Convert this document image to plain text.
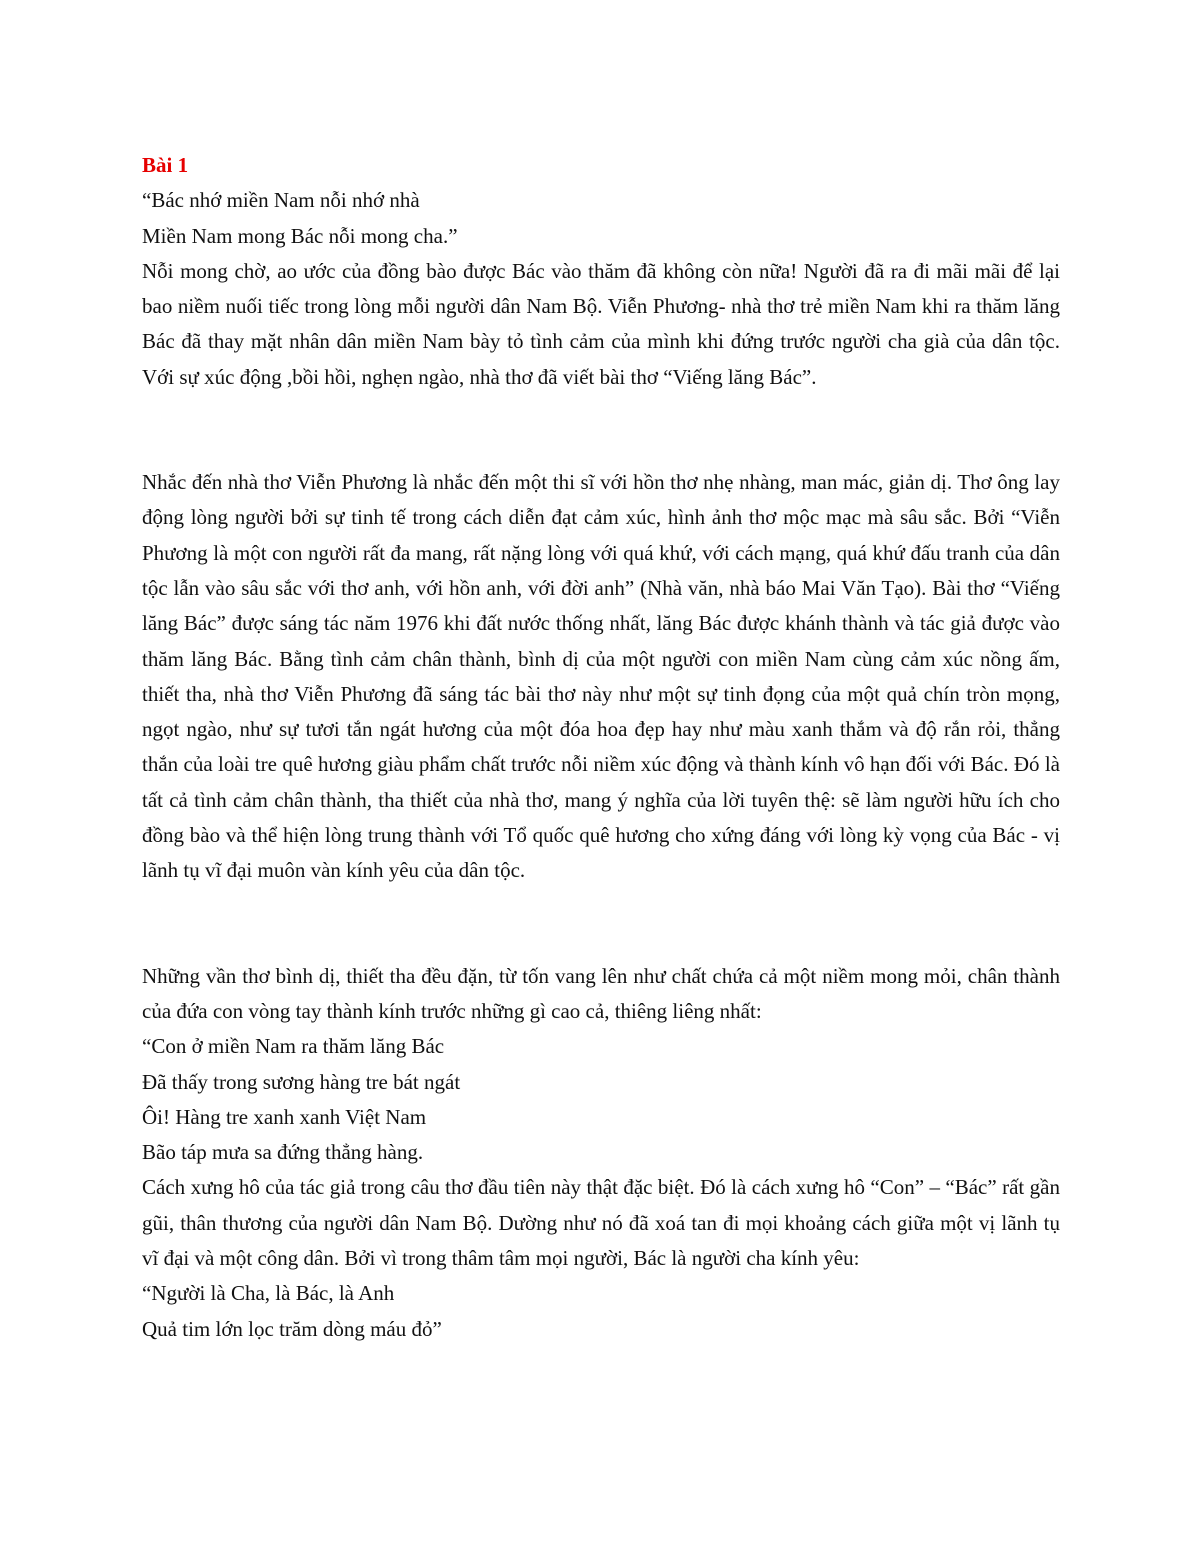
Bài 1

“Bác nhớ miền Nam nỗi nhớ nhà

Miền Nam mong Bác nỗi mong cha.”

Nỗi mong chờ, ao ước của đồng bào được Bác vào thăm đã không còn nữa! Người đã ra đi mãi mãi để lại bao niềm nuối tiếc trong lòng mỗi người dân Nam Bộ. Viễn Phương- nhà thơ trẻ miền Nam khi ra thăm lăng Bác đã thay mặt nhân dân miền Nam bày tỏ tình cảm của mình khi đứng trước người cha già của dân tộc. Với sự xúc động ,bồi hồi, nghẹn ngào, nhà thơ đã viết bài thơ “Viếng lăng Bác”.

Nhắc đến nhà thơ Viễn Phương là nhắc đến một thi sĩ với hồn thơ nhẹ nhàng, man mác, giản dị. Thơ ông lay động lòng người bởi sự tinh tế trong cách diễn đạt cảm xúc, hình ảnh thơ mộc mạc mà sâu sắc. Bởi “Viễn Phương là một con người rất đa mang, rất nặng lòng với quá khứ, với cách mạng, quá khứ đấu tranh của dân tộc lẫn vào sâu sắc với thơ anh, với hồn anh, với đời anh” (Nhà văn, nhà báo Mai Văn Tạo). Bài thơ “Viếng lăng Bác” được sáng tác năm 1976 khi đất nước thống nhất, lăng Bác được khánh thành và tác giả được vào thăm lăng Bác. Bằng tình cảm chân thành, bình dị của một người con miền Nam cùng cảm xúc nồng ấm, thiết tha, nhà thơ Viễn Phương đã sáng tác bài thơ này như một sự tinh đọng của một quả chín tròn mọng, ngọt ngào, như sự tươi tắn ngát hương của một đóa hoa đẹp hay như màu xanh thắm và độ rắn rỏi, thẳng thắn của loài tre quê hương giàu phẩm chất trước nỗi niềm xúc động và thành kính vô hạn đối với Bác. Đó là tất cả tình cảm chân thành, tha thiết của nhà thơ, mang ý nghĩa của lời tuyên thệ: sẽ làm người hữu ích cho đồng bào và thể hiện lòng trung thành với Tổ quốc quê hương cho xứng đáng với lòng kỳ vọng của Bác - vị lãnh tụ vĩ đại muôn vàn kính yêu của dân tộc.

Những vần thơ bình dị, thiết tha đều đặn, từ tốn vang lên như chất chứa cả một niềm mong mỏi, chân thành của đứa con vòng tay thành kính trước những gì cao cả, thiêng liêng nhất:

“Con ở miền Nam ra thăm lăng Bác

Đã thấy trong sương hàng tre bát ngát

Ôi! Hàng tre xanh xanh Việt Nam

Bão táp mưa sa đứng thẳng hàng.

Cách xưng hô của tác giả trong câu thơ đầu tiên này thật đặc biệt. Đó là cách xưng hô “Con” – “Bác” rất gần gũi, thân thương của người dân Nam Bộ. Dường như nó đã xoá tan đi mọi khoảng cách giữa một vị lãnh tụ vĩ đại và một công dân. Bởi vì trong thâm tâm mọi người, Bác là người cha kính yêu:

“Người là Cha, là Bác, là Anh

Quả tim lớn lọc trăm dòng máu đỏ”
